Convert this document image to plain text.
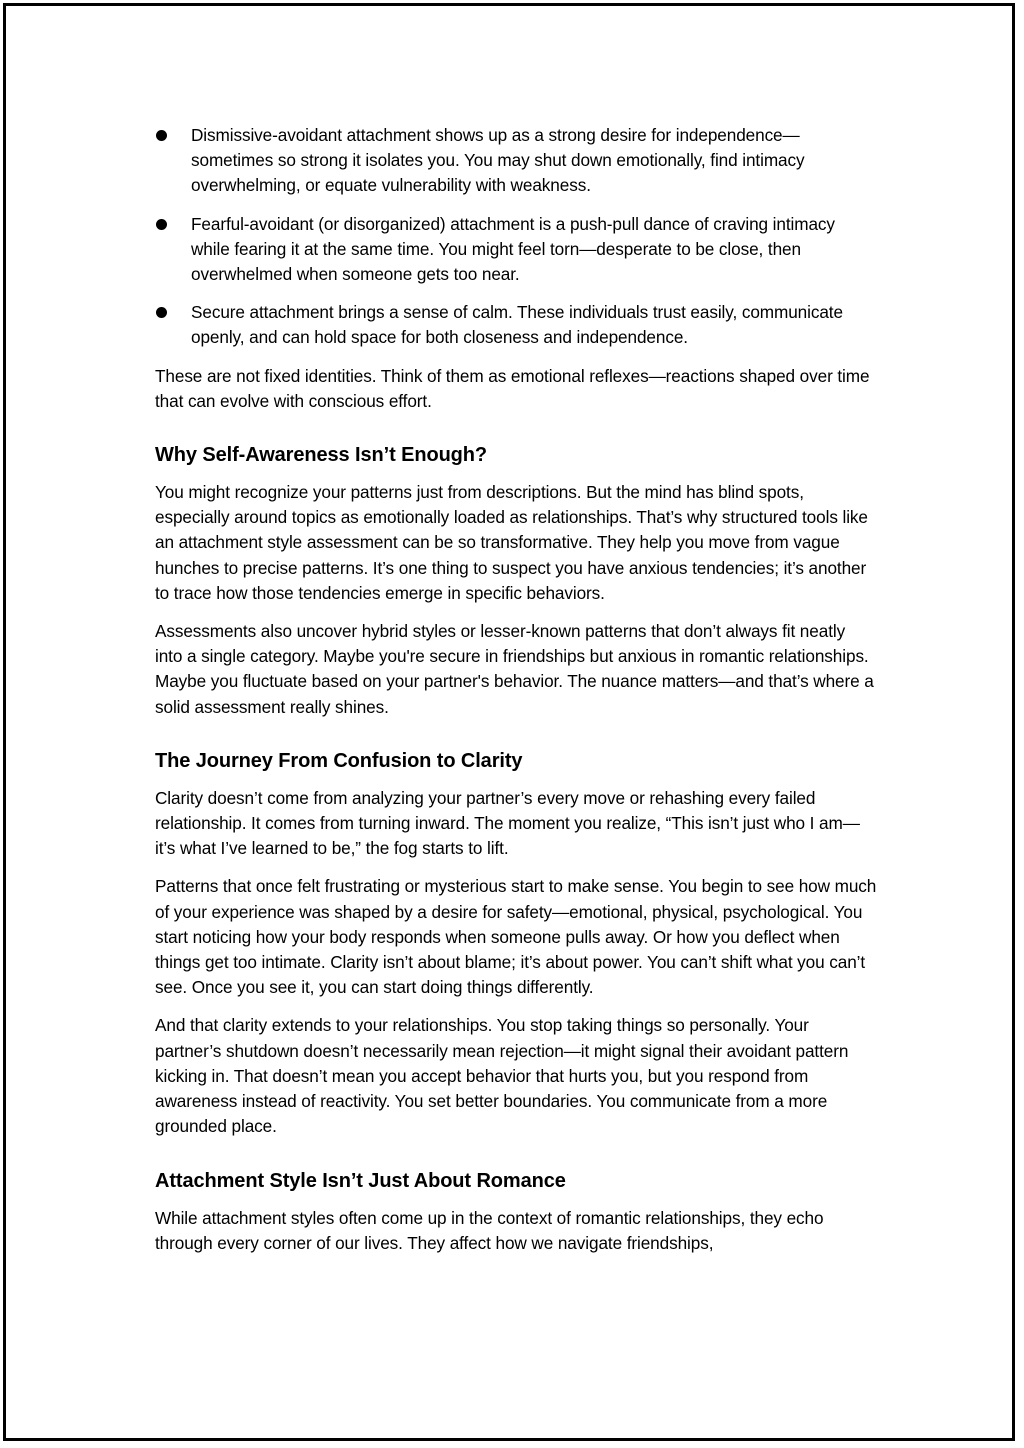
Dismissive-avoidant attachment shows up as a strong desire for independence—sometimes so strong it isolates you. You may shut down emotionally, find intimacy overwhelming, or equate vulnerability with weakness.
Fearful-avoidant (or disorganized) attachment is a push-pull dance of craving intimacy while fearing it at the same time. You might feel torn—desperate to be close, then overwhelmed when someone gets too near.
Secure attachment brings a sense of calm. These individuals trust easily, communicate openly, and can hold space for both closeness and independence.

These are not fixed identities. Think of them as emotional reflexes—reactions shaped over time that can evolve with conscious effort.

Why Self-Awareness Isn’t Enough?

You might recognize your patterns just from descriptions. But the mind has blind spots, especially around topics as emotionally loaded as relationships. That’s why structured tools like an attachment style assessment can be so transformative. They help you move from vague hunches to precise patterns. It’s one thing to suspect you have anxious tendencies; it’s another to trace how those tendencies emerge in specific behaviors.

Assessments also uncover hybrid styles or lesser-known patterns that don’t always fit neatly into a single category. Maybe you're secure in friendships but anxious in romantic relationships. Maybe you fluctuate based on your partner's behavior. The nuance matters—and that’s where a solid assessment really shines.

The Journey From Confusion to Clarity

Clarity doesn’t come from analyzing your partner’s every move or rehashing every failed relationship. It comes from turning inward. The moment you realize, “This isn’t just who I am—it’s what I’ve learned to be,” the fog starts to lift.

Patterns that once felt frustrating or mysterious start to make sense. You begin to see how much of your experience was shaped by a desire for safety—emotional, physical, psychological. You start noticing how your body responds when someone pulls away. Or how you deflect when things get too intimate. Clarity isn’t about blame; it’s about power. You can’t shift what you can’t see. Once you see it, you can start doing things differently.

And that clarity extends to your relationships. You stop taking things so personally. Your partner’s shutdown doesn’t necessarily mean rejection—it might signal their avoidant pattern kicking in. That doesn’t mean you accept behavior that hurts you, but you respond from awareness instead of reactivity. You set better boundaries. You communicate from a more grounded place.

Attachment Style Isn’t Just About Romance

While attachment styles often come up in the context of romantic relationships, they echo through every corner of our lives. They affect how we navigate friendships,
